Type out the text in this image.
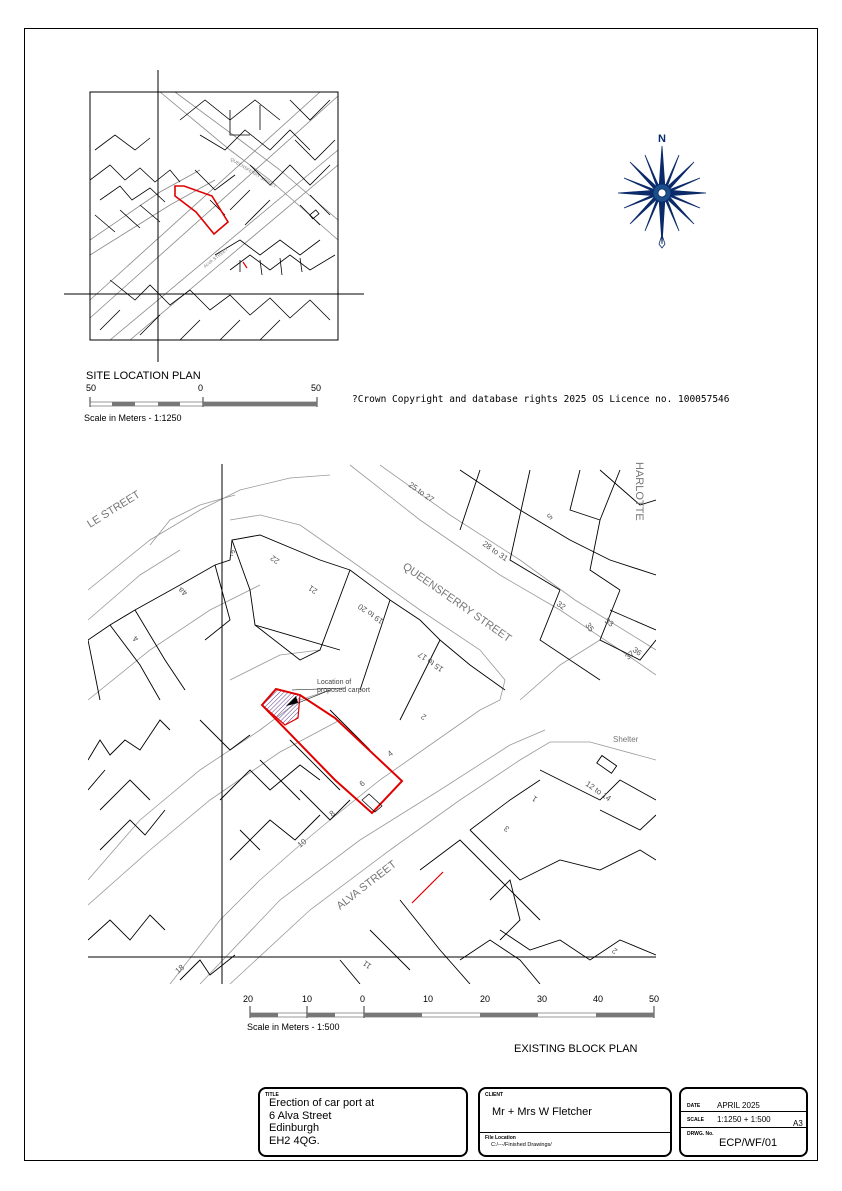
QUEENSFERRY STREET
ALVA STREET
SITE LOCATION PLAN
50	0	50
Scale in Meters - 1:1250
?Crown Copyright and database rights 2025 OS Licence no. 100057546
N
LE STREET
QUEENSFERRY STREET
ALVA STREET
HARLOTTE
Location of
proposed carport
Shelter
25 to 27
28 to 31
5
32
33
35
36
37
22
21
19 to 20
15 to 17
2
4
6
8
10
3
4a
4
12 to 14
1
3
2
11
18
20	10	0	10	20	30	40	50
Scale in Meters - 1:500
EXISTING BLOCK PLAN
TITLE
Erection of car port at
6 Alva Street
Edinburgh
EH2 4QG.
CLIENT
Mr + Mrs W Fletcher
File Location
C:/---/Finished Drawings/
DATE APRIL 2025
SCALE 1:1250 + 1:500	A3
DRWG. No.
ECP/WF/01
